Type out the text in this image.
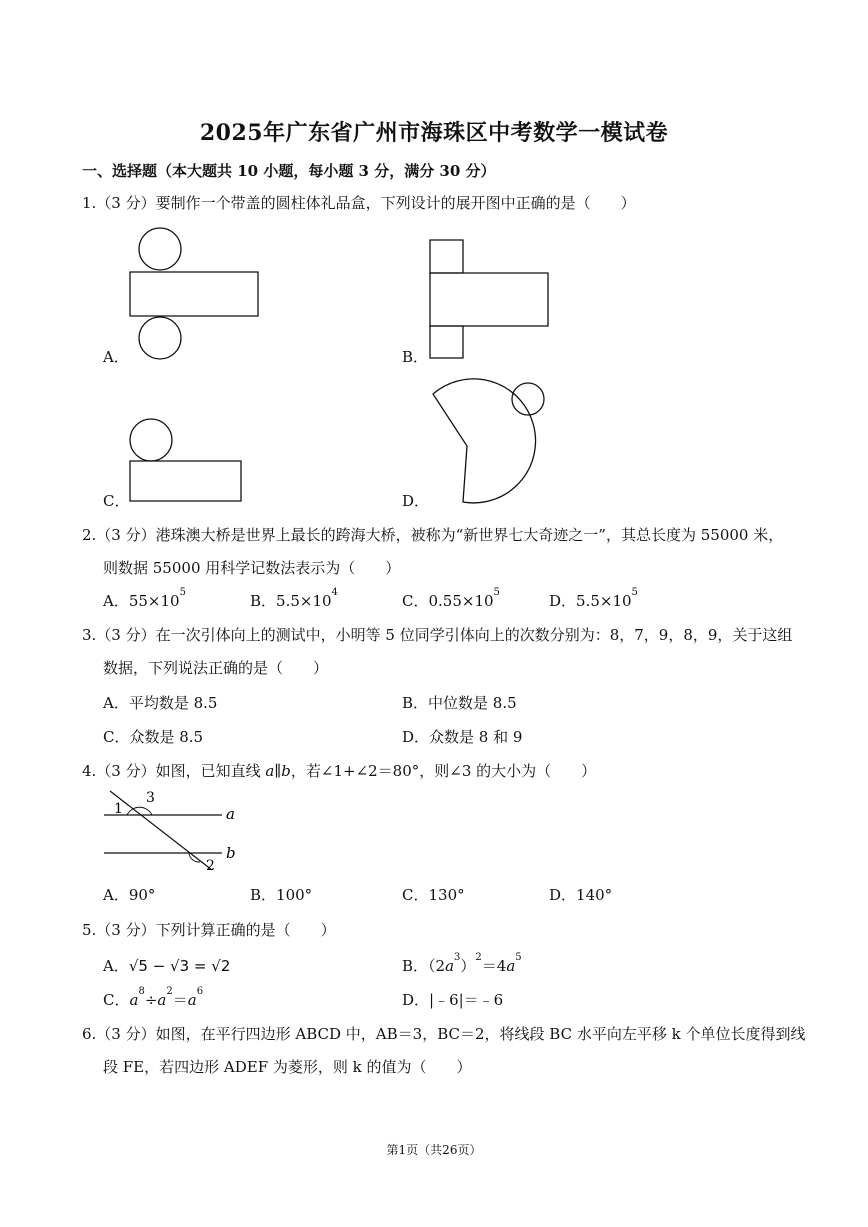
2025年广东省广州市海珠区中考数学一模试卷
一、选择题（本大题共 10 小题，每小题 3 分，满分 30 分）
1.（3 分）要制作一个带盖的圆柱体礼品盒，下列设计的展开图中正确的是（　　）
A．	B．
C．	D．
2.（3 分）港珠澳大桥是世界上最长的跨海大桥，被称为“新世界七大奇迹之一”，其总长度为 55000 米，
则数据 55000 用科学记数法表示为（　　）
A．$55\times 10^5$	B．$5.5\times 10^4$	C．$0.55\times 10^5$	D．$5.5\times 10^5$
3.（3 分）在一次引体向上的测试中，小明等 5 位同学引体向上的次数分别为：8，7，9，8，9，关于这组
数据，下列说法正确的是（　　）
A．平均数是 8.5	B．中位数是 8.5
C．众数是 8.5	D．众数是 8 和 9
4.（3 分）如图，已知直线 a∥b，若∠1+∠2＝80°，则∠3 的大小为（　　）
1
3
a
b
2
A．90°	B．100°	C．130°	D．140°
5.（3 分）下列计算正确的是（　　）
A．√5 − √3 = √2	B．$(2a^3)^2=4a^5$
C．$a^8\div a^2=a^6$	D．|﹣6|＝﹣6
6.（3 分）如图，在平行四边形 ABCD 中，AB＝3，BC＝2，将线段 BC 水平向左平移 k 个单位长度得到线
段 FE，若四边形 ADEF 为菱形，则 k 的值为（　　）
第1页（共26页）
